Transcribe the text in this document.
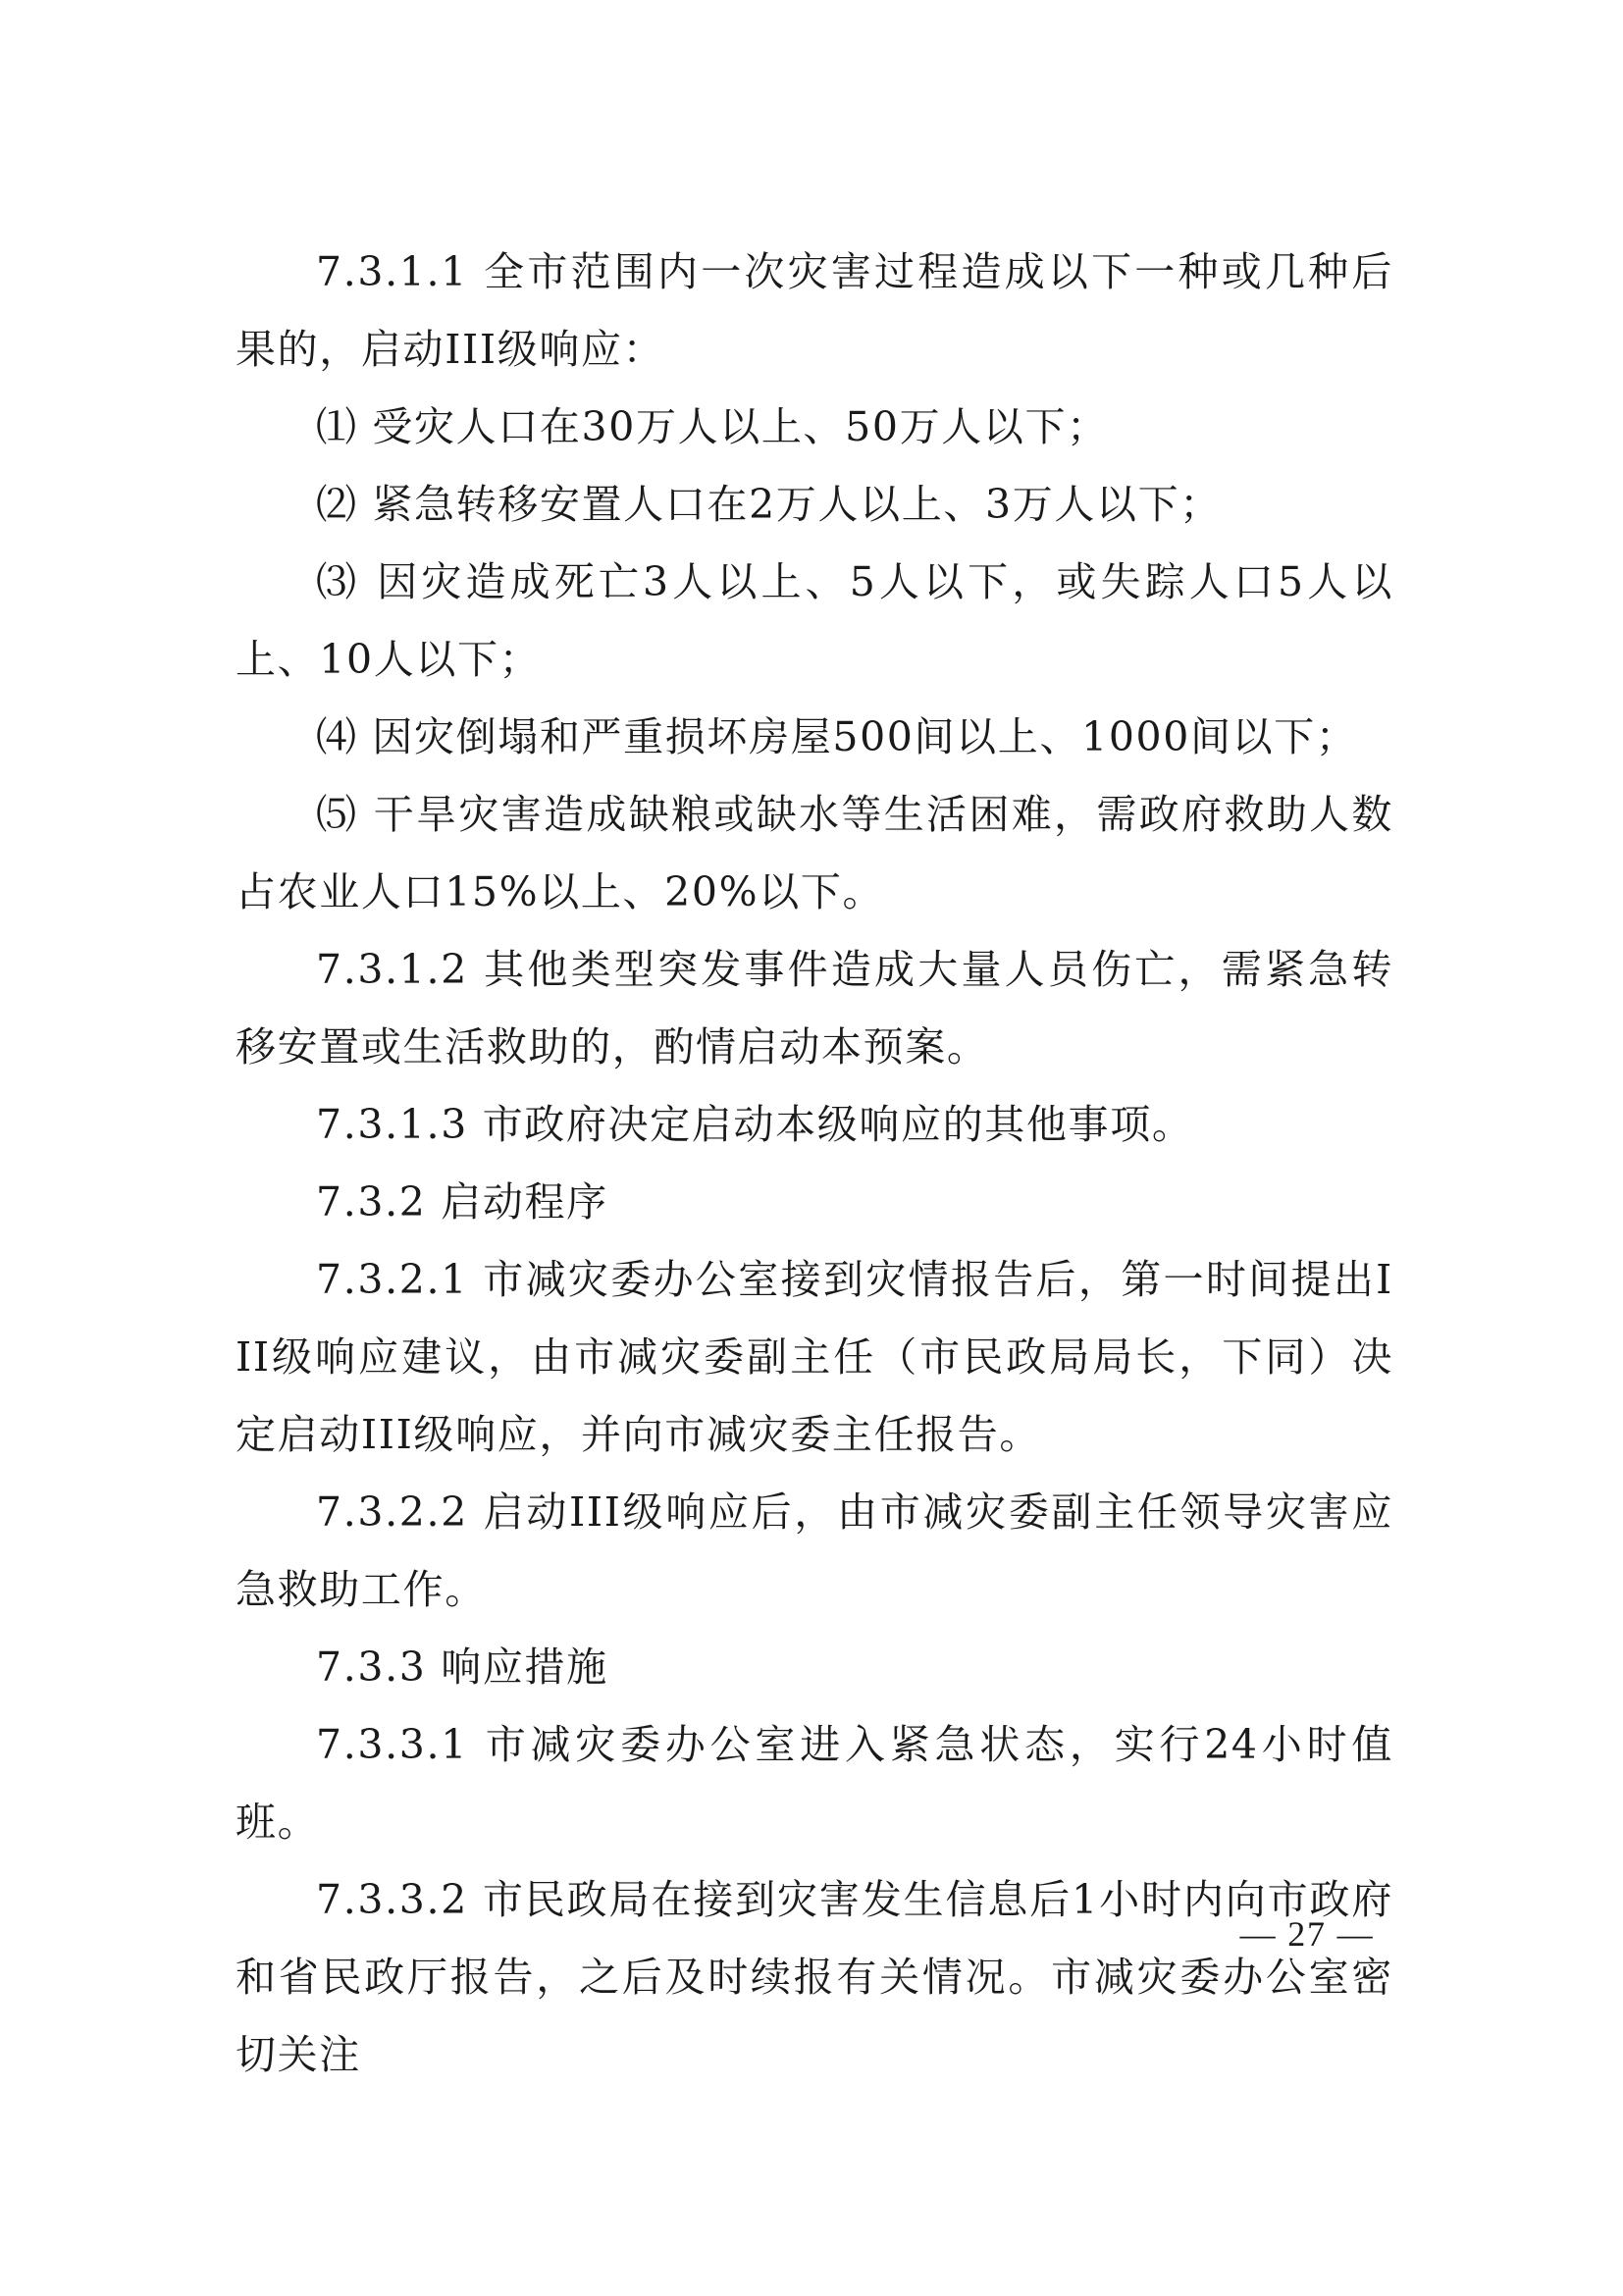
7.3.1.1 全市范围内一次灾害过程造成以下一种或几种后果的，启动III级响应：

⑴ 受灾人口在30万人以上、50万人以下；

⑵ 紧急转移安置人口在2万人以上、3万人以下；

⑶ 因灾造成死亡3人以上、5人以下，或失踪人口5人以上、10人以下；

⑷ 因灾倒塌和严重损坏房屋500间以上、1000间以下；

⑸ 干旱灾害造成缺粮或缺水等生活困难，需政府救助人数占农业人口15%以上、20%以下。

7.3.1.2 其他类型突发事件造成大量人员伤亡，需紧急转移安置或生活救助的，酌情启动本预案。

7.3.1.3 市政府决定启动本级响应的其他事项。

7.3.2 启动程序

7.3.2.1 市减灾委办公室接到灾情报告后，第一时间提出III级响应建议，由市减灾委副主任（市民政局局长，下同）决定启动III级响应，并向市减灾委主任报告。

7.3.2.2 启动III级响应后，由市减灾委副主任领导灾害应急救助工作。

7.3.3 响应措施

7.3.3.1 市减灾委办公室进入紧急状态，实行24小时值班。

7.3.3.2 市民政局在接到灾害发生信息后1小时内向市政府和省民政厅报告，之后及时续报有关情况。市减灾委办公室密切关注

— 27 —
